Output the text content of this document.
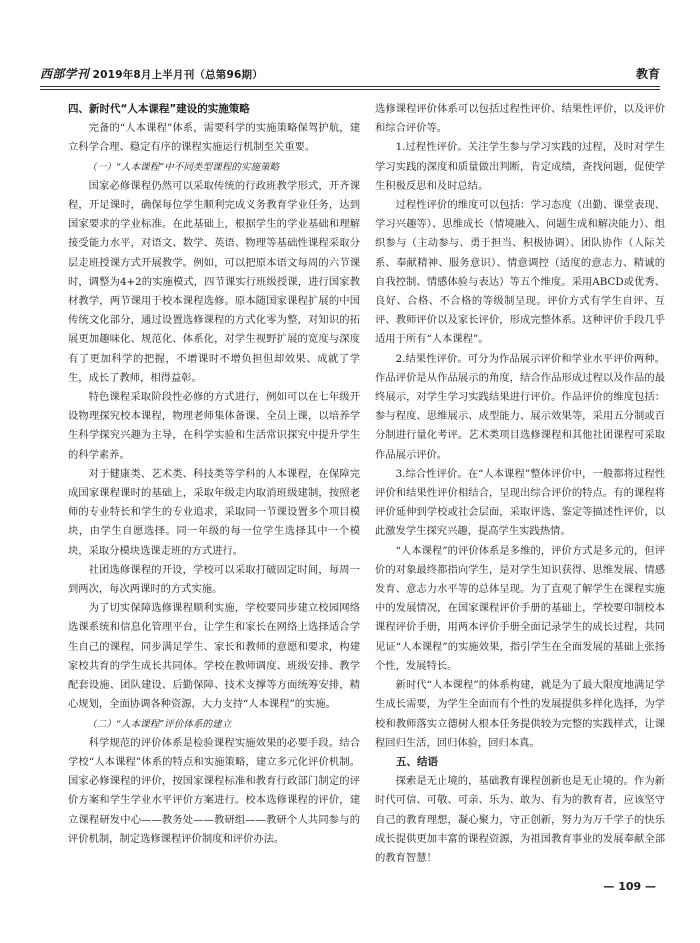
西部学刊 2019年8月上半月刊（总第96期）	教育
四、新时代“人本课程”建设的实施策略

完备的“人本课程”体系，需要科学的实施策略保驾护航，建立科学合理、稳定有序的课程实施运行机制至关重要。

（一）“人本课程”中不同类型课程的实施策略

国家必修课程仍然可以采取传统的行政班教学形式，开齐课程，开足课时，确保每位学生顺利完成义务教育学业任务，达到国家要求的学业标准。在此基础上，根据学生的学业基础和理解接受能力水平，对语文、数学、英语、物理等基础性课程采取分层走班授课方式开展教学。例如，可以把原本语文每周的六节课时，调整为4+2的实施模式，四节课实行班级授课，进行国家教材教学，两节课用于校本课程选修。原本随国家课程扩展的中国传统文化部分，通过设置选修课程的方式化零为整，对知识的拓展更加趣味化、规范化、体系化，对学生视野扩展的宽度与深度有了更加科学的把握，不增课时不增负担但却效果、成就了学生，成长了教师，相得益彰。

特色课程采取阶段性必修的方式进行，例如可以在七年级开设物理探究校本课程，物理老师集体备课、全员上课，以培养学生科学探究兴趣为主导，在科学实验和生活常识探究中提升学生的科学素养。

对于健康类、艺术类、科技类等学科的人本课程，在保障完成国家课程课时的基础上，采取年级走内取消班级建制，按照老师的专业特长和学生的专业追求，采取同一节课设置多个项目模块，由学生自愿选择。同一年级的每一位学生选择其中一个模块，采取分模块选课走班的方式进行。

社团选修课程的开设，学校可以采取打破固定时间，每周一到两次，每次两课时的方式实施。

为了切实保障选修课程顺利实施，学校要同步建立校园网络选课系统和信息化管理平台，让学生和家长在网络上选择适合学生自己的课程，同步满足学生、家长和教师的意愿和要求，构建家校共育的学生成长共同体。学校在教师调度、班级安排、教学配套设施、团队建设、后勤保障、技术支撑等方面统筹安排，精心规划，全面协调各种资源，大力支持“人本课程”的实施。

（二）“人本课程”评价体系的建立

科学规范的评价体系是检验课程实施效果的必要手段。结合学校“人本课程”体系的特点和实施策略，建立多元化评价机制。国家必修课程的评价，按国家课程标准和教育行政部门制定的评价方案和学生学业水平评价方案进行。校本选修课程的评价，建立课程研发中心——教务处——教研组——教研个人共同参与的评价机制，制定选修课程评价制度和评价办法。

选修课程评价体系可以包括过程性评价、结果性评价，以及评价和综合评价等。

1.过程性评价。关注学生参与学习实践的过程，及时对学生学习实践的深度和质量做出判断，肯定成绩，查找问题，促使学生积极反思和及时总结。

过程性评价的维度可以包括：学习态度（出勤、课堂表现、学习兴趣等）、思维成长（情境融入、问题生成和解决能力）、组织参与（主动参与、勇于担当、积极协调）、团队协作（人际关系、奉献精神、服务意识）、情意调控（适度的意志力、精诚的自我控制、情感体验与表达）等五个维度。采用ABCD或优秀、良好、合格、不合格的等级制呈现。评价方式有学生自评、互评、教师评价以及家长评价，形成完整体系。这种评价手段几乎适用于所有“人本课程”。

2.结果性评价。可分为作品展示评价和学业水平评价两种。作品评价是从作品展示的角度，结合作品形成过程以及作品的最终展示，对学生学习实践结果进行评价。作品评价的维度包括：参与程度、思维展示、成型能力、展示效果等，采用五分制或百分制进行量化考评。艺术类项目选修课程和其他社团课程可采取作品展示评价。

3.综合性评价。在“人本课程”整体评价中，一般都将过程性评价和结果性评价相结合，呈现出综合评价的特点。有的课程将评价延伸到学校或社会层面，采取评选、鉴定等描述性评价，以此激发学生探究兴趣，提高学生实践热情。

“人本课程”的评价体系是多维的，评价方式是多元的，但评价的对象最终都指向学生，是对学生知识获得、思维发展、情感发育、意志力水平等的总体呈现。为了直观了解学生在课程实施中的发展情况，在国家课程评价手册的基础上，学校要印制校本课程评价手册，用两本评价手册全面记录学生的成长过程，共同见证“人本课程”的实施效果，指引学生在全面发展的基础上张扬个性，发展特长。

新时代“人本课程”的体系构建，就是为了最大限度地满足学生成长需要，为学生全面而有个性的发展提供多样化选择，为学校和教师落实立德树人根本任务提供较为完整的实践样式，让课程回归生活，回归体验，回归本真。

五、结语

探索是无止境的，基础教育课程创新也是无止境的。作为新时代可信、可敬、可亲、乐为、敢为、有为的教育者，应该坚守自己的教育理想，凝心聚力，守正创新，努力为万千学子的快乐成长提供更加丰富的课程资源，为祖国教育事业的发展奉献全部的教育智慧！

— 109 —
